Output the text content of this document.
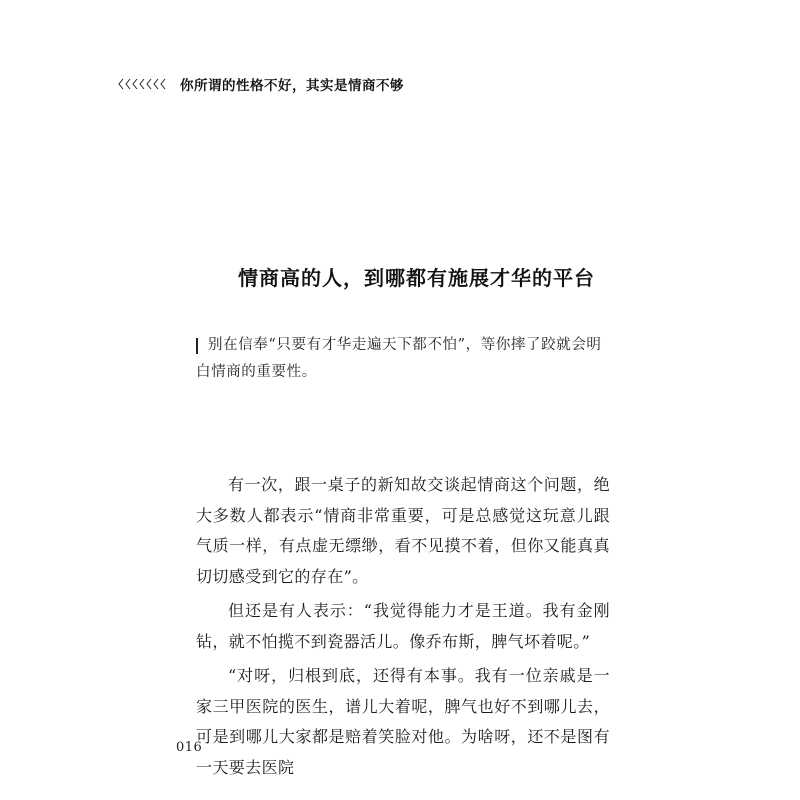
你所谓的性格不好，其实是情商不够
情商高的人，到哪都有施展才华的平台
别在信奉“只要有才华走遍天下都不怕”，等你摔了跤就会明白情商的重要性。

有一次，跟一桌子的新知故交谈起情商这个问题，绝大多数人都表示“情商非常重要，可是总感觉这玩意儿跟气质一样，有点虚无缥缈，看不见摸不着，但你又能真真切切感受到它的存在”。

但还是有人表示：“我觉得能力才是王道。我有金刚钻，就不怕揽不到瓷器活儿。像乔布斯，脾气坏着呢。”

“对呀，归根到底，还得有本事。我有一位亲戚是一家三甲医院的医生，谱儿大着呢，脾气也好不到哪儿去，可是到哪儿大家都是赔着笑脸对他。为啥呀，还不是图有一天要去医院

016
